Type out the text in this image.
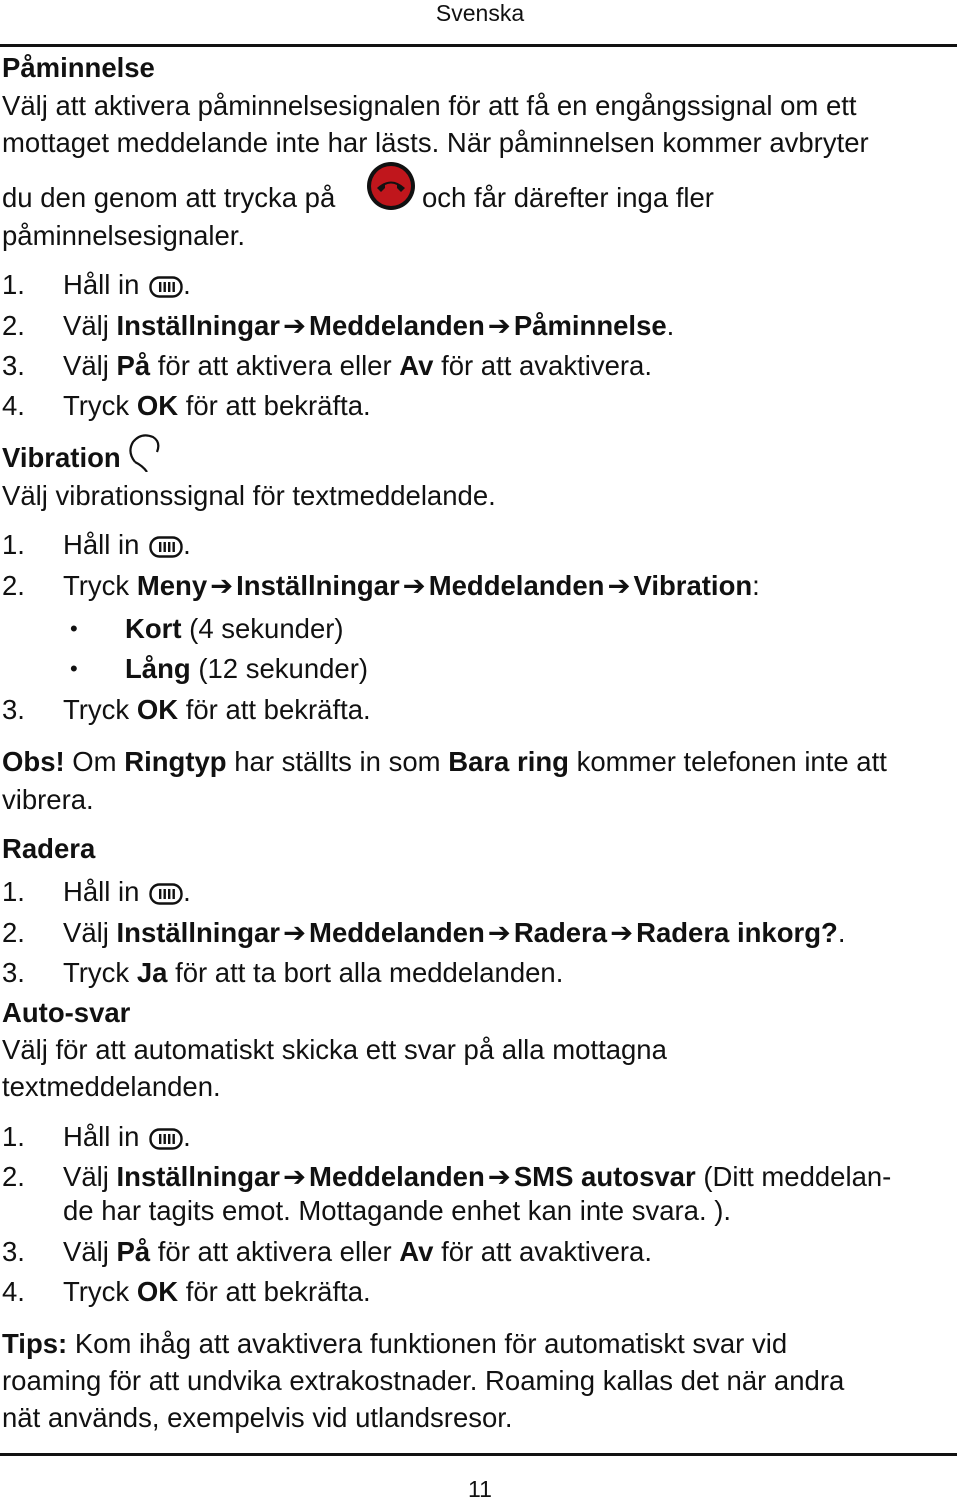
Svenska
Påminnelse
Välj att aktivera påminnelsesignalen för att få en engångssignal om ett
mottaget meddelande inte har lästs. När påminnelsen kommer avbryter
du den genom att trycka på	och får därefter inga fler
påminnelsesignaler.
1. Håll in .
2. Välj Inställningar ➔ Meddelanden ➔ Påminnelse.
3. Välj På för att aktivera eller Av för att avaktivera.
4. Tryck OK för att bekräfta.
Vibration
Välj vibrationssignal för textmeddelande.
1. Håll in .
2. Tryck Meny ➔ Inställningar ➔ Meddelanden ➔ Vibration:
• Kort (4 sekunder)
• Lång (12 sekunder)
3. Tryck OK för att bekräfta.
Obs! Om Ringtyp har ställts in som Bara ring kommer telefonen inte att
vibrera.
Radera
1. Håll in .
2. Välj Inställningar ➔ Meddelanden ➔ Radera ➔ Radera inkorg?.
3. Tryck Ja för att ta bort alla meddelanden.
Auto-svar
Välj för att automatiskt skicka ett svar på alla mottagna
textmeddelanden.
1. Håll in .
2. Välj Inställningar ➔ Meddelanden ➔ SMS autosvar (Ditt meddelan-
de har tagits emot. Mottagande enhet kan inte svara. ).
3. Välj På för att aktivera eller Av för att avaktivera.
4. Tryck OK för att bekräfta.
Tips: Kom ihåg att avaktivera funktionen för automatiskt svar vid
roaming för att undvika extrakostnader. Roaming kallas det när andra
nät används, exempelvis vid utlandsresor.
11
